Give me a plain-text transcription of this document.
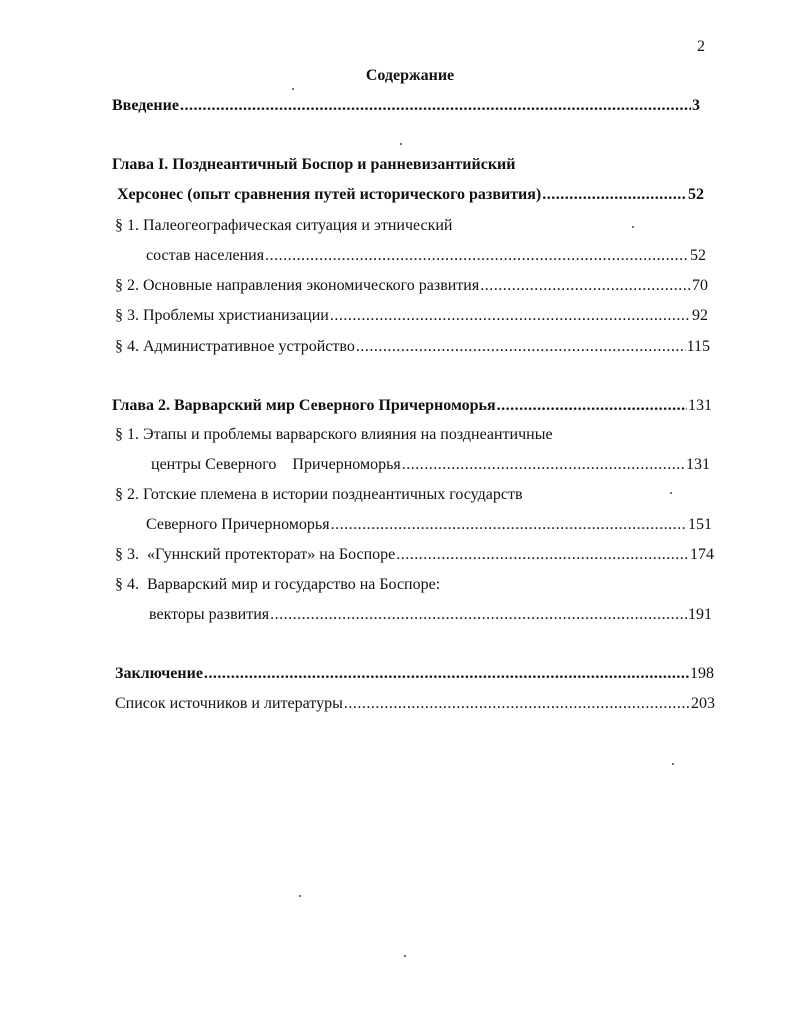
2
Содержание
Введение .....	3
Глава I. Позднеантичный Боспор и ранневизантийский
Херсонес (опыт сравнения путей исторического развития) .....	52
§ 1. Палеогеографическая ситуация и этнический
состав населения .....	52
§ 2. Основные направления экономического развития .....	70
§ 3. Проблемы христианизации .....	92
§ 4. Административное устройство .....	115
Глава 2. Варварский мир Северного Причерноморья .....	131
§ 1. Этапы и проблемы варварского влияния на позднеантичные
центры Северного    Причерноморья .....	131
§ 2. Готские племена в истории позднеантичных государств
Северного Причерноморья .....	151
§ 3.  «Гуннский протекторат» на Боспоре .....	174
§ 4.  Варварский мир и государство на Боспоре:
векторы развития .....	191
Заключение .....	198
Список источников и литературы .....	203
